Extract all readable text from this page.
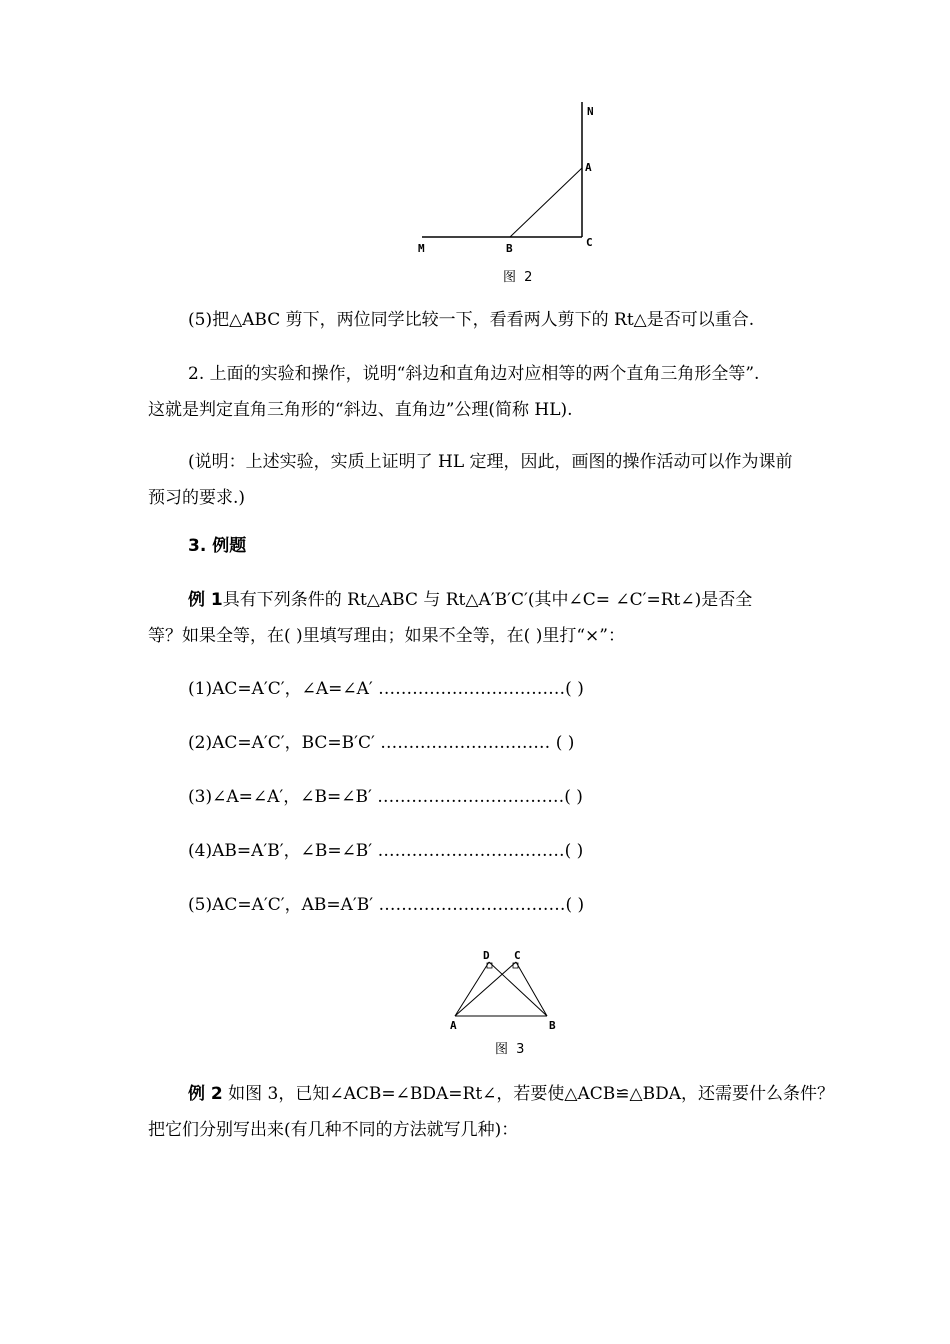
N
A
M	B	C
图 2
(5)把△ABC 剪下，两位同学比较一下，看看两人剪下的 Rt△是否可以重合.
2. 上面的实验和操作，说明“斜边和直角边对应相等的两个直角三角形全等”.
这就是判定直角三角形的“斜边、直角边”公理(简称 HL).
(说明：上述实验，实质上证明了 HL 定理，因此，画图的操作活动可以作为课前
预习的要求.)
3. 例题
例 1具有下列条件的 Rt△ABC 与 Rt△A′B′C′(其中∠C= ∠C′=Rt∠)是否全
等？如果全等，在( )里填写理由；如果不全等，在( )里打“×”：
(1)AC=A′C′，∠A=∠A′ ……………………………( )
(2)AC=A′C′，BC=B′C′ ………………………… ( )
(3)∠A=∠A′，∠B=∠B′ ……………………………( )
(4)AB=A′B′，∠B=∠B′ ……………………………( )
(5)AC=A′C′，AB=A′B′ ……………………………( )
D C
A	B
图 3
例 2 如图 3，已知∠ACB=∠BDA=Rt∠，若要使△ACB≌△BDA，还需要什么条件？
把它们分别写出来(有几种不同的方法就写几种)：
